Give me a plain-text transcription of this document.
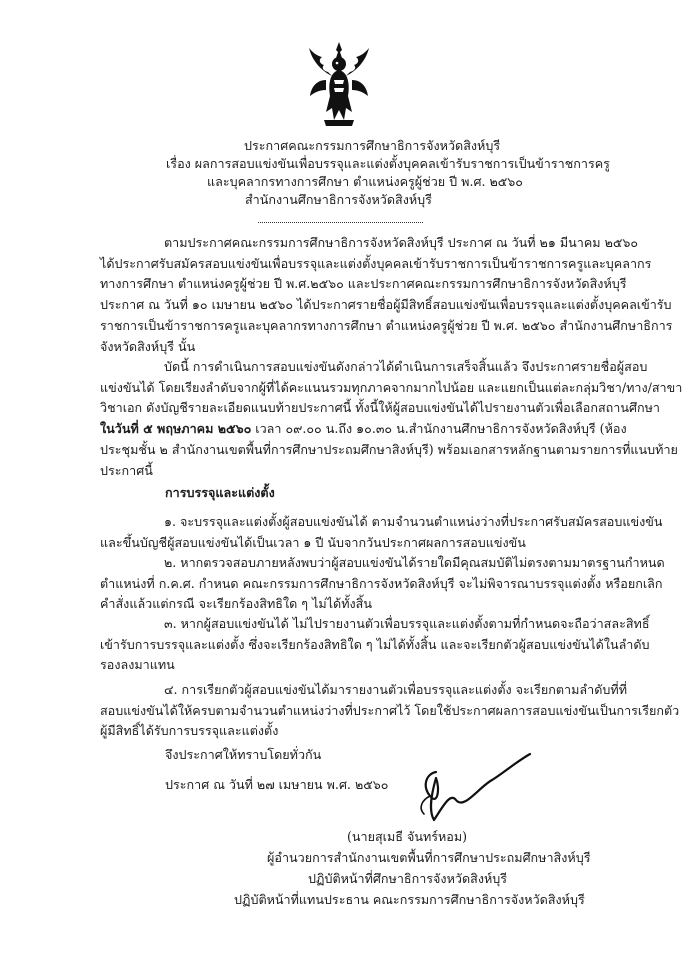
ประกาศคณะกรรมการศึกษาธิการจังหวัดสิงห์บุรี
เรื่อง ผลการสอบแข่งขันเพื่อบรรจุและแต่งตั้งบุคคลเข้ารับราชการเป็นข้าราชการครู
และบุคลากรทางการศึกษา ตำแหน่งครูผู้ช่วย ปี พ.ศ. ๒๕๖๐
สำนักงานศึกษาธิการจังหวัดสิงห์บุรี
ตามประกาศคณะกรรมการศึกษาธิการจังหวัดสิงห์บุรี ประกาศ ณ วันที่ ๒๑ มีนาคม ๒๕๖๐
ได้ประกาศรับสมัครสอบแข่งขันเพื่อบรรจุและแต่งตั้งบุคคลเข้ารับราชการเป็นข้าราชการครูและบุคลากร
ทางการศึกษา ตำแหน่งครูผู้ช่วย ปี พ.ศ.๒๕๖๐ และประกาศคณะกรรมการศึกษาธิการจังหวัดสิงห์บุรี
ประกาศ ณ วันที่ ๑๐ เมษายน ๒๕๖๐ ได้ประกาศรายชื่อผู้มีสิทธิ์สอบแข่งขันเพื่อบรรจุและแต่งตั้งบุคคลเข้ารับ
ราชการเป็นข้าราชการครูและบุคลากรทางการศึกษา ตำแหน่งครูผู้ช่วย ปี พ.ศ. ๒๕๖๐ สำนักงานศึกษาธิการ
จังหวัดสิงห์บุรี นั้น
บัดนี้ การดำเนินการสอบแข่งขันดังกล่าวได้ดำเนินการเสร็จสิ้นแล้ว จึงประกาศรายชื่อผู้สอบ
แข่งขันได้ โดยเรียงลำดับจากผู้ที่ได้คะแนนรวมทุกภาคจากมากไปน้อย และแยกเป็นแต่ละกลุ่มวิชา/ทาง/สาขา
วิชาเอก ดังบัญชีรายละเอียดแนบท้ายประกาศนี้ ทั้งนี้ให้ผู้สอบแข่งขันได้ไปรายงานตัวเพื่อเลือกสถานศึกษา
ในวันที่ ๕ พฤษภาคม ๒๕๖๐ เวลา ๐๙.๐๐ น.ถึง ๑๐.๓๐ น.สำนักงานศึกษาธิการจังหวัดสิงห์บุรี (ห้อง
ประชุมชั้น ๒ สำนักงานเขตพื้นที่การศึกษาประถมศึกษาสิงห์บุรี) พร้อมเอกสารหลักฐานตามรายการที่แนบท้าย
ประกาศนี้
การบรรจุและแต่งตั้ง
๑. จะบรรจุและแต่งตั้งผู้สอบแข่งขันได้ ตามจำนวนตำแหน่งว่างที่ประกาศรับสมัครสอบแข่งขัน
และขึ้นบัญชีผู้สอบแข่งขันได้เป็นเวลา ๑ ปี นับจากวันประกาศผลการสอบแข่งขัน
๒. หากตรวจสอบภายหลังพบว่าผู้สอบแข่งขันได้รายใดมีคุณสมบัติไม่ตรงตามมาตรฐานกำหนด
ตำแหน่งที่ ก.ค.ศ. กำหนด คณะกรรมการศึกษาธิการจังหวัดสิงห์บุรี จะไม่พิจารณาบรรจุแต่งตั้ง หรือยกเลิก
คำสั่งแล้วแต่กรณี จะเรียกร้องสิทธิใด ๆ ไม่ได้ทั้งสิ้น
๓. หากผู้สอบแข่งขันได้ ไม่ไปรายงานตัวเพื่อบรรจุและแต่งตั้งตามที่กำหนดจะถือว่าสละสิทธิ์
เข้ารับการบรรจุและแต่งตั้ง ซึ่งจะเรียกร้องสิทธิใด ๆ ไม่ได้ทั้งสิ้น และจะเรียกตัวผู้สอบแข่งขันได้ในลำดับ
รองลงมาแทน
๔. การเรียกตัวผู้สอบแข่งขันได้มารายงานตัวเพื่อบรรจุและแต่งตั้ง จะเรียกตามลำดับที่ที่
สอบแข่งขันได้ให้ครบตามจำนวนตำแหน่งว่างที่ประกาศไว้ โดยใช้ประกาศผลการสอบแข่งขันเป็นการเรียกตัว
ผู้มีสิทธิ์ได้รับการบรรจุและแต่งตั้ง
จึงประกาศให้ทราบโดยทั่วกัน
ประกาศ ณ วันที่ ๒๗ เมษายน พ.ศ. ๒๕๖๐
(นายสุเมธี จันทร์หอม)
ผู้อำนวยการสำนักงานเขตพื้นที่การศึกษาประถมศึกษาสิงห์บุรี
ปฏิบัติหน้าที่ศึกษาธิการจังหวัดสิงห์บุรี
ปฏิบัติหน้าที่แทนประธาน คณะกรรมการศึกษาธิการจังหวัดสิงห์บุรี
